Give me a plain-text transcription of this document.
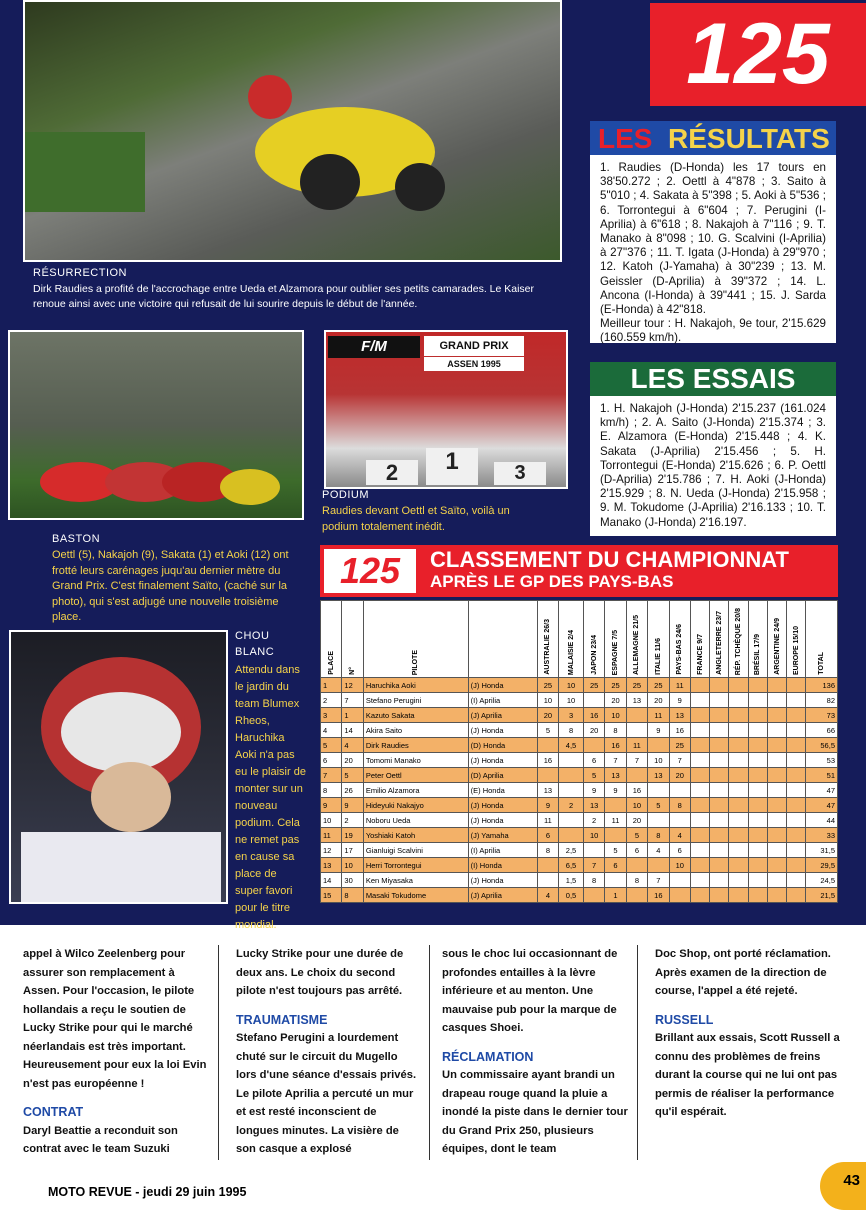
RÉSURRECTION
Dirk Raudies a profité de l'accrochage entre Ueda et Alzamora pour oublier ses petits camarades. Le Kaiser renoue ainsi avec une victoire qui refusait de lui sourire depuis le début de l'année.
125
LES RÉSULTATS
1. Raudies (D-Honda) les 17 tours en 38'50.272 ; 2. Oettl à 4"878 ; 3. Saito à 5"010 ; 4. Sakata à 5"398 ; 5. Aoki à 5"536 ; 6. Torrontegui à 6"604 ; 7. Perugini (I-Aprilia) à 6"618 ; 8. Nakajoh à 7"116 ; 9. T. Manako à 8"098 ; 10. G. Scalvini (I-Aprilia) à 27"376 ; 11. T. Igata (J-Honda) à 29"970 ; 12. Katoh (J-Yamaha) à 30"239 ; 13. M. Geissler (D-Aprilia) à 39"372 ; 14. L. Ancona (I-Honda) à 39"441 ; 15. J. Sarda (E-Honda) à 42"818.
Meilleur tour : H. Nakajoh, 9e tour, 2'15.629 (160.559 km/h).
LES ESSAIS
1. H. Nakajoh (J-Honda) 2'15.237 (161.024 km/h) ; 2. A. Saito (J-Honda) 2'15.374 ; 3. E. Alzamora (E-Honda) 2'15.448 ; 4. K. Sakata (J-Aprilia) 2'15.456 ; 5. H. Torrontegui (E-Honda) 2'15.626 ; 6. P. Oettl (D-Aprilia) 2'15.786 ; 7. H. Aoki (J-Honda) 2'15.929 ; 8. N. Ueda (J-Honda) 2'15.958 ; 9. M. Tokudome (J-Aprilia) 2'16.133 ; 10. T. Manako (J-Honda) 2'16.197.
F/M	GRAND PRIX
ASSEN 1995
2	1	3
PODIUM
Raudies devant Oettl et Saïto, voilà un podium totalement inédit.
BASTON
Oettl (5), Nakajoh (9), Sakata (1) et Aoki (12) ont frotté leurs carénages juqu'au dernier mètre du Grand Prix. C'est finalement Saïto, (caché sur la photo), qui s'est adjugé une nouvelle troisième place.
CHOU BLANC
Attendu dans le jardin du team Blumex Rheos, Haruchika Aoki n'a pas eu le plaisir de monter sur un nouveau podium. Cela ne remet pas en cause sa place de super favori pour le titre mondial.
125	CLASSEMENT DU CHAMPIONNAT
APRÈS LE GP DES PAYS-BAS
PLACE	N°	PILOTE		AUSTRALIE 26/3	MALAISIE 2/4	JAPON 23/4	ESPAGNE 7/5	ALLEMAGNE 21/5	ITALIE 11/6	PAYS-BAS 24/6	FRANCE 9/7	ANGLETERRE 23/7	RÉP. TCHÈQUE 20/8	BRÉSIL 17/9	ARGENTINE 24/9	EUROPE 15/10	TOTAL
1	12	Haruchika Aoki	(J) Honda	25	10	25	25	25	25	11							136
2	7	Stefano Perugini	(I) Aprilia	10	10		20	13	20	9							82
3	1	Kazuto Sakata	(J) Aprilia	20	3	16	10		11	13							73
4	14	Akira Saito	(J) Honda	5	8	20	8		9	16							66
5	4	Dirk Raudies	(D) Honda		4,5		16	11		25							56,5
6	20	Tomomi Manako	(J) Honda	16		6	7	7	10	7							53
7	5	Peter Oettl	(D) Aprilia			5	13		13	20							51
8	26	Emilio Alzamora	(E) Honda	13		9	9	16									47
9	9	Hideyuki Nakajyo	(J) Honda	9	2	13		10	5	8							47
10	2	Noboru Ueda	(J) Honda	11		2	11	20									44
11	19	Yoshiaki Katoh	(J) Yamaha	6		10		5	8	4							33
12	17	Gianluigi Scalvini	(I) Aprilia	8	2,5		5	6	4	6							31,5
13	10	Herri Torrontegui	(I) Honda		6,5	7	6			10							29,5
14	30	Ken Miyasaka	(J) Honda		1,5	8		8	7								24,5
15	8	Masaki Tokudome	(J) Aprilia	4	0,5		1		16								21,5
appel à Wilco Zeelenberg pour assurer son remplacement à Assen. Pour l'occasion, le pilote hollandais a reçu le soutien de Lucky Strike pour qui le marché néerlandais est très important. Heureusement pour eux la loi Evin n'est pas européenne !
CONTRAT
Daryl Beattie a reconduit son contrat avec le team Suzuki
Lucky Strike pour une durée de deux ans. Le choix du second pilote n'est toujours pas arrêté.
TRAUMATISME
Stefano Perugini a lourdement chuté sur le circuit du Mugello lors d'une séance d'essais privés. Le pilote Aprilia a percuté un mur et est resté inconscient de longues minutes. La visière de son casque a explosé
sous le choc lui occasionnant de profondes entailles à la lèvre inférieure et au menton. Une mauvaise pub pour la marque de casques Shoei.
RÉCLAMATION
Un commissaire ayant brandi un drapeau rouge quand la pluie a inondé la piste dans le dernier tour du Grand Prix 250, plusieurs équipes, dont le team
Doc Shop, ont porté réclamation. Après examen de la direction de course, l'appel a été rejeté.
RUSSELL
Brillant aux essais, Scott Russell a connu des problèmes de freins durant la course qui ne lui ont pas permis de réaliser la performance qu'il espérait.
MOTO REVUE - jeudi 29 juin 1995
43
